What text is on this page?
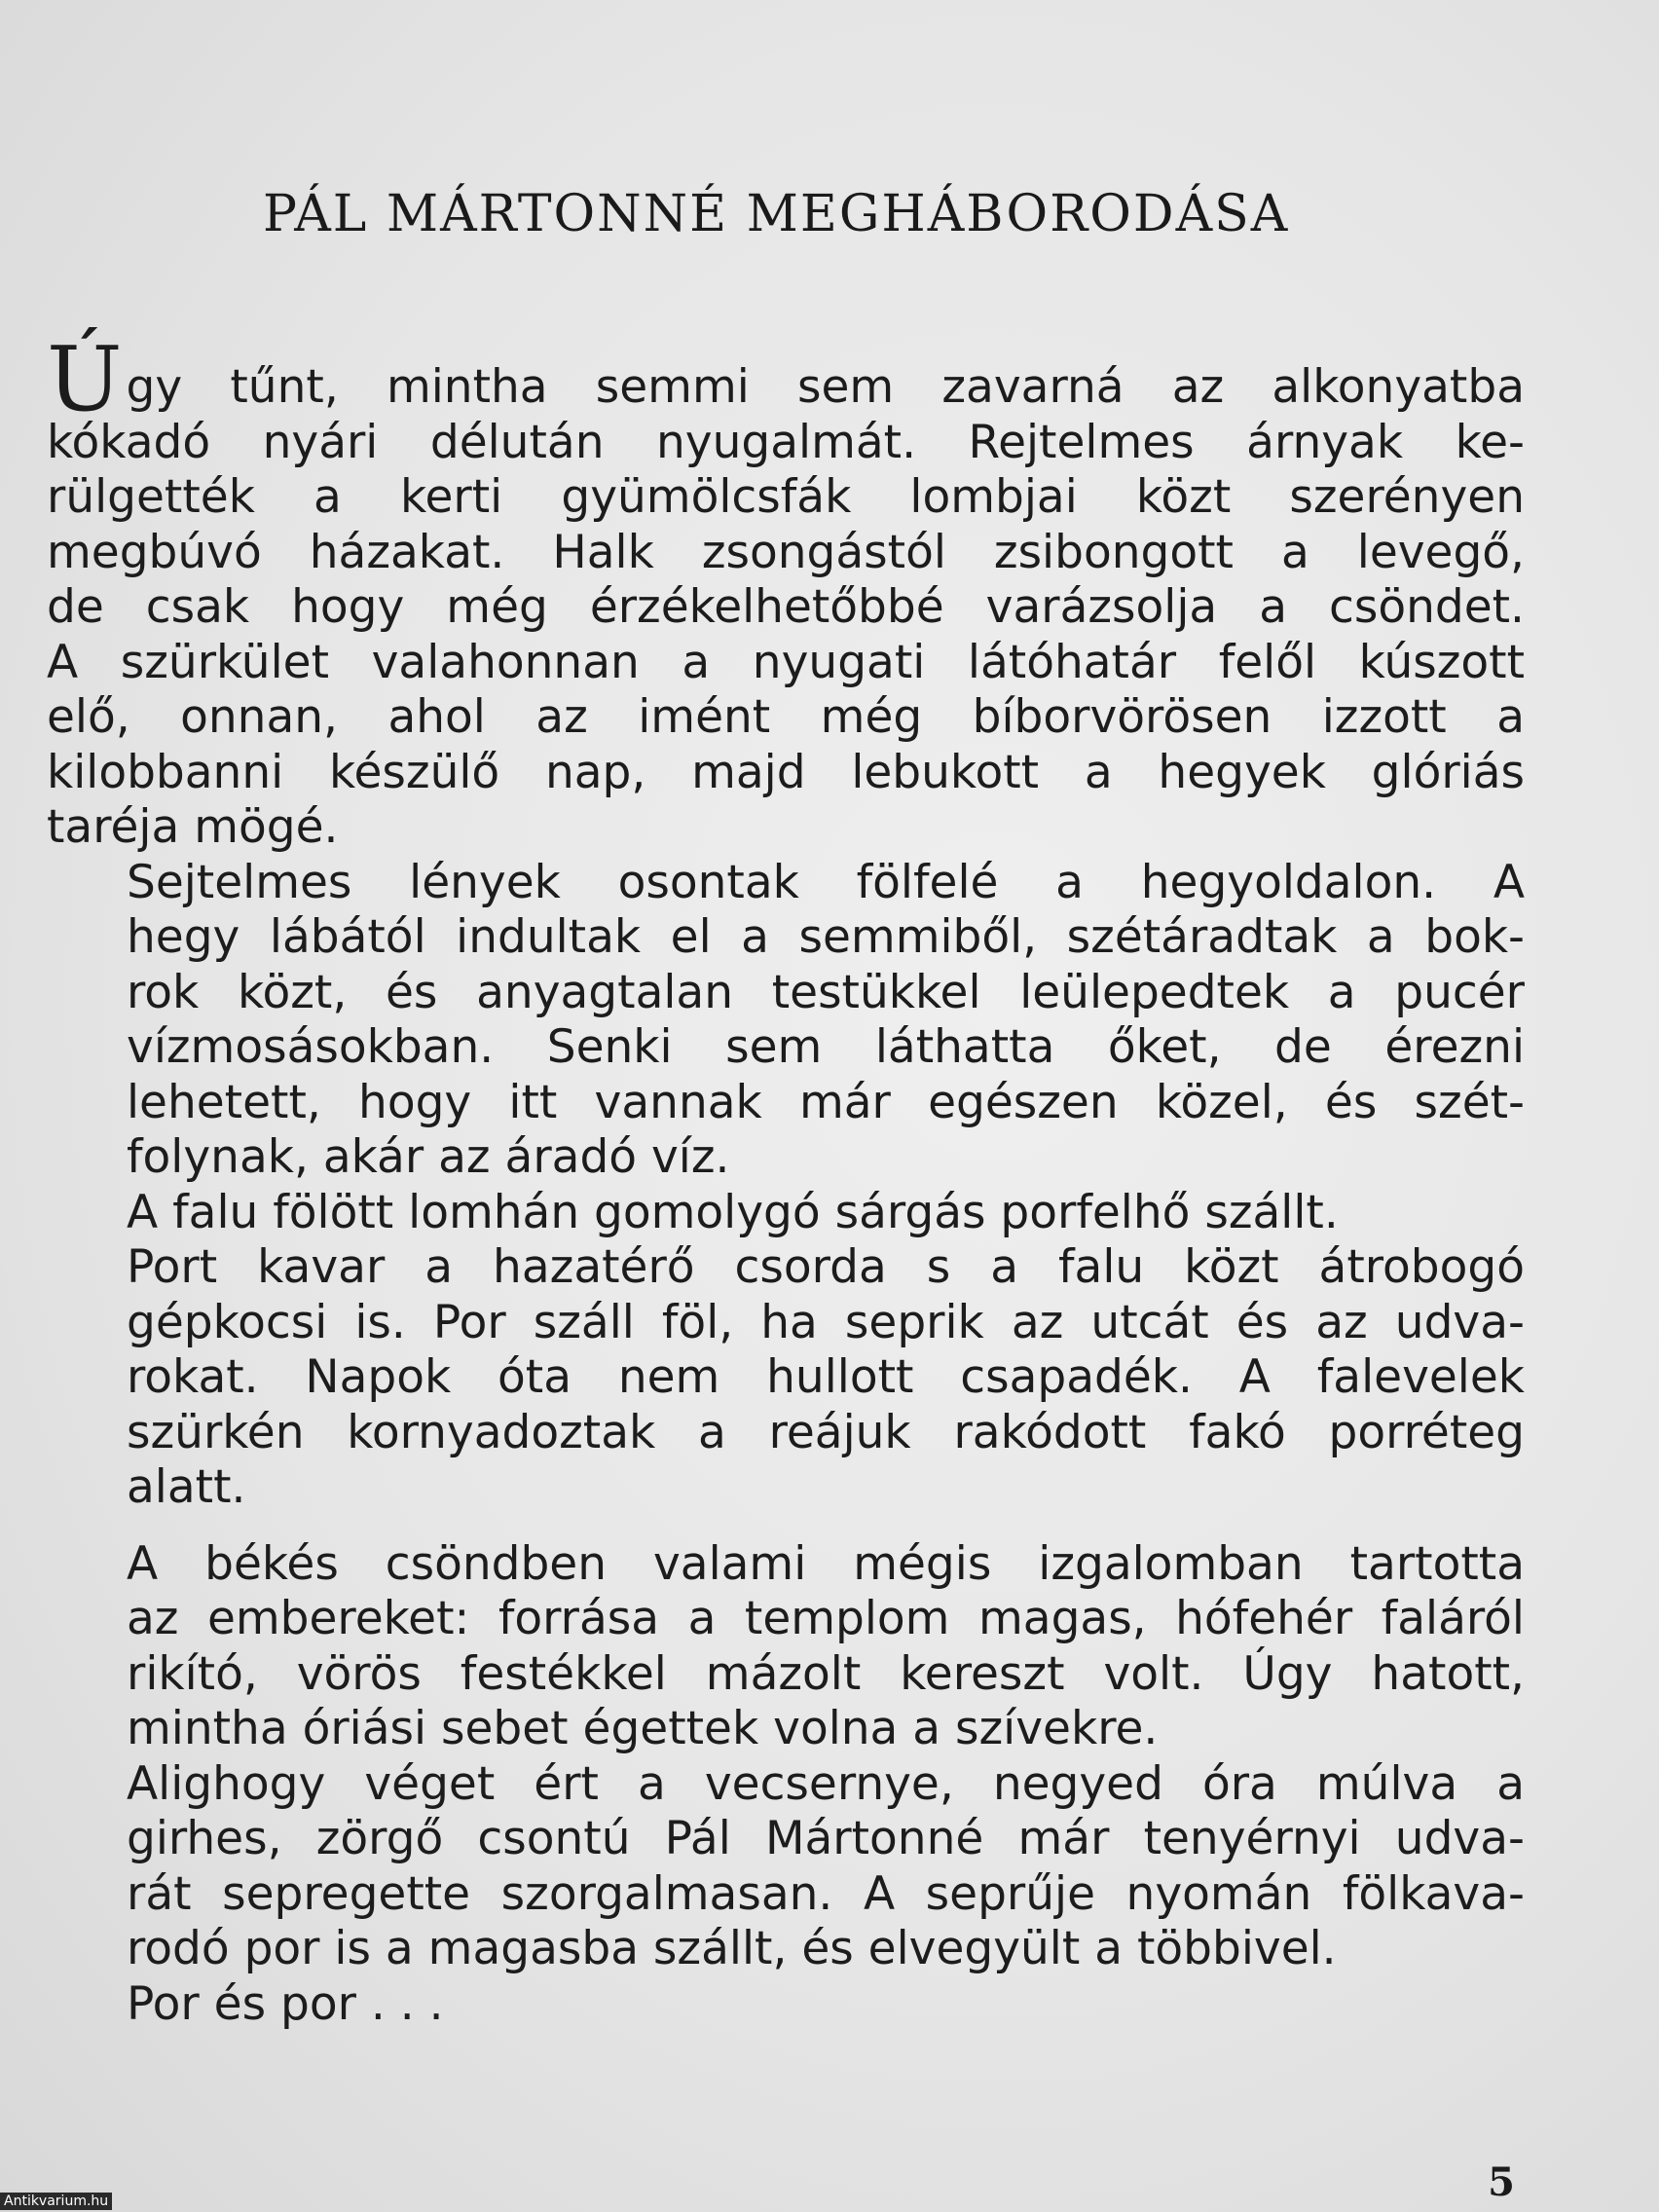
PÁL MÁRTONNÉ MEGHÁBORODÁSA

Úgy tűnt, mintha semmi sem zavarná az alkonyatba
kókadó nyári délután nyugalmát. Rejtelmes árnyak ke-
rülgették a kerti gyümölcsfák lombjai közt szerényen
megbúvó házakat. Halk zsongástól zsibongott a levegő,
de csak hogy még érzékelhetőbbé varázsolja a csöndet.
A szürkület valahonnan a nyugati látóhatár felől kúszott
elő, onnan, ahol az imént még bíborvörösen izzott a
kilobbanni készülő nap, majd lebukott a hegyek glóriás
taréja mögé.

Sejtelmes lények osontak fölfelé a hegyoldalon. A
hegy lábától indultak el a semmiből, szétáradtak a bok-
rok közt, és anyagtalan testükkel leülepedtek a pucér
vízmosásokban. Senki sem láthatta őket, de érezni
lehetett, hogy itt vannak már egészen közel, és szét-
folynak, akár az áradó víz.

A falu fölött lomhán gomolygó sárgás porfelhő szállt.

Port kavar a hazatérő csorda s a falu közt átrobogó
gépkocsi is. Por száll föl, ha seprik az utcát és az udva-
rokat. Napok óta nem hullott csapadék. A falevelek
szürkén kornyadoztak a reájuk rakódott fakó porréteg
alatt.

A békés csöndben valami mégis izgalomban tartotta
az embereket: forrása a templom magas, hófehér faláról
rikító, vörös festékkel mázolt kereszt volt. Úgy hatott,
mintha óriási sebet égettek volna a szívekre.

Alighogy véget ért a vecsernye, negyed óra múlva a
girhes, zörgő csontú Pál Mártonné már tenyérnyi udva-
rát sepregette szorgalmasan. A seprűje nyomán fölkava-
rodó por is a magasba szállt, és elvegyült a többivel.

Por és por . . .

5
Antikvarium.hu
